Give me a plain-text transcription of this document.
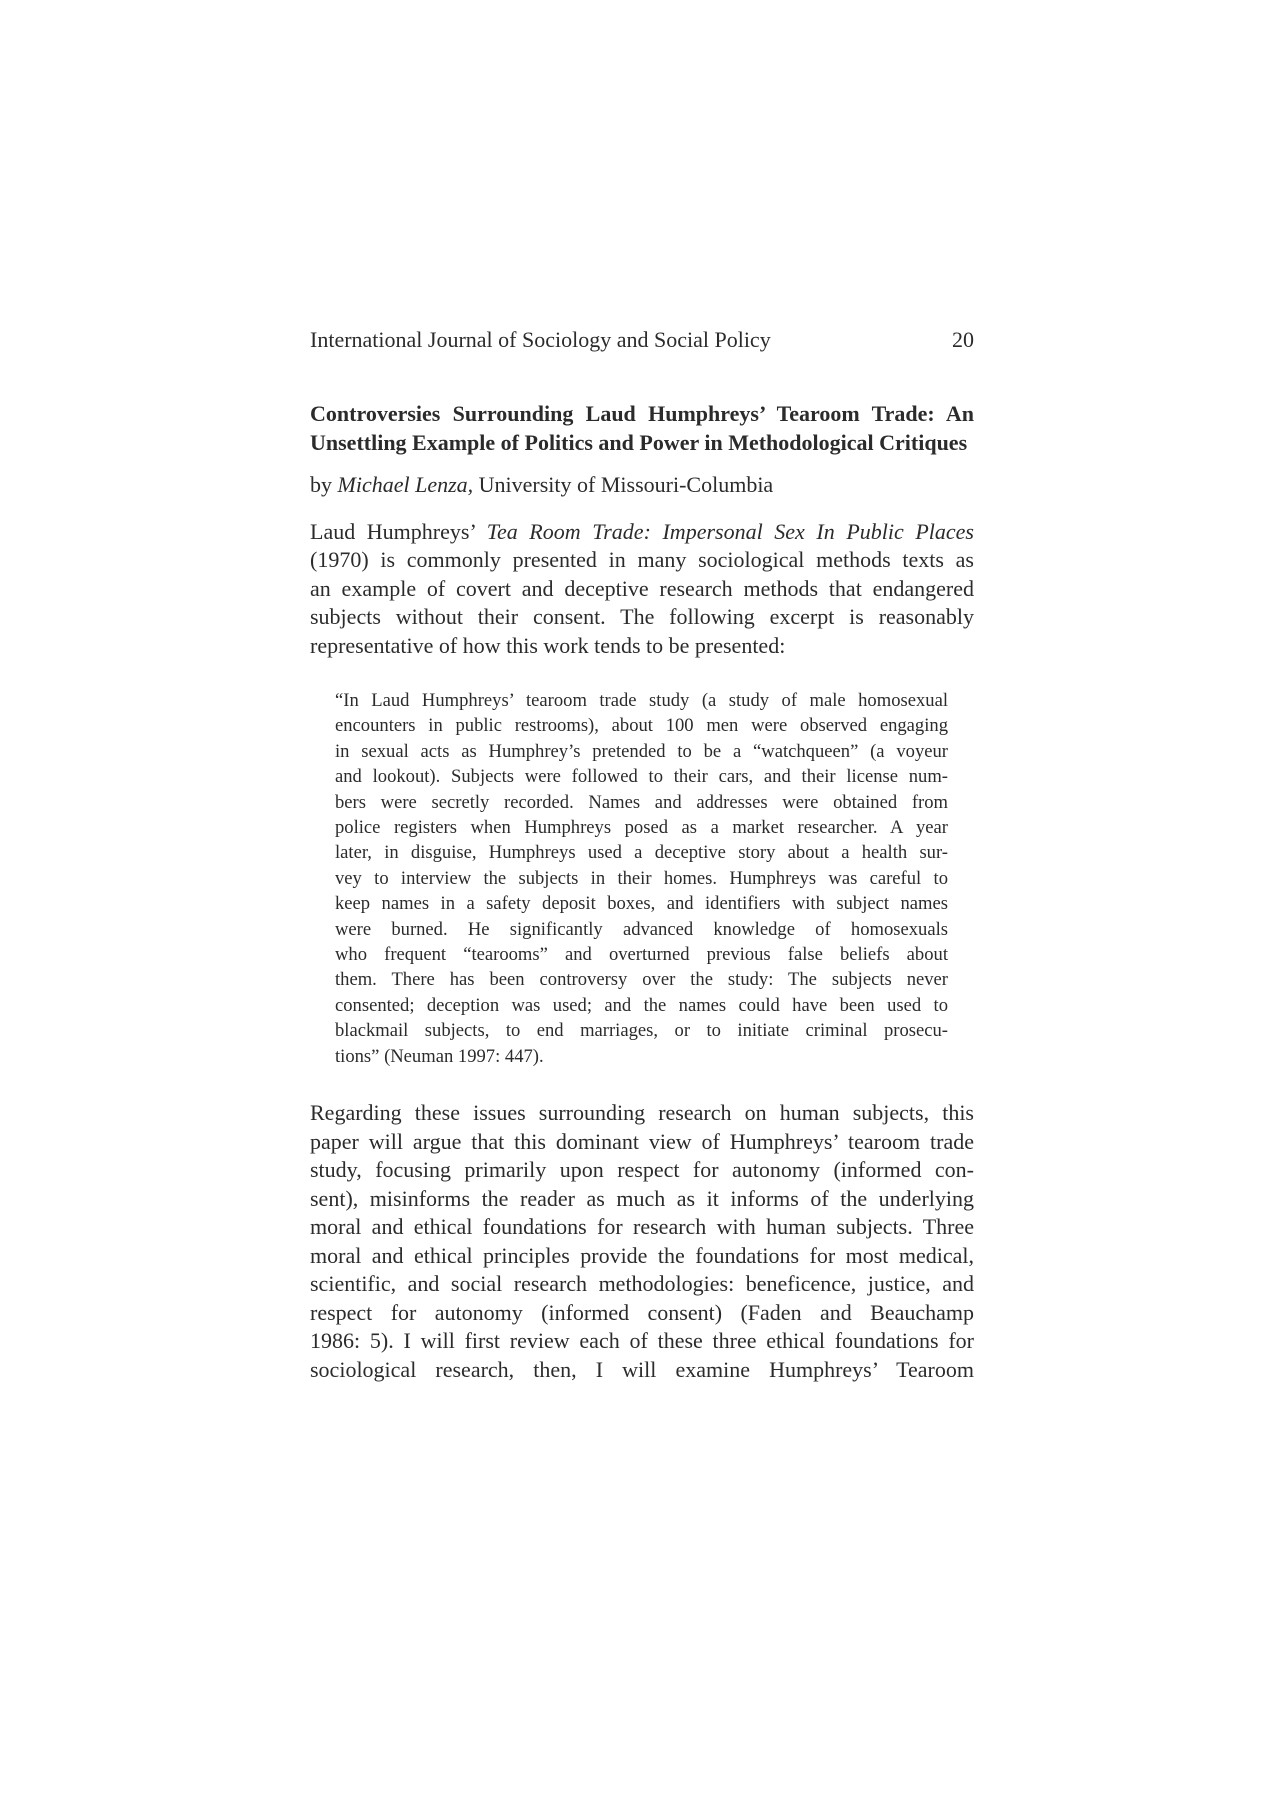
International Journal of Sociology and Social Policy	20
Controversies Surrounding Laud Humphreys’ Tearoom Trade: An Unsettling Example of Politics and Power in Methodological Critiques

by Michael Lenza, University of Missouri-Columbia

Laud Humphreys’ Tea Room Trade: Impersonal Sex In Public Places
(1970) is commonly presented in many sociological methods texts as
an example of covert and deceptive research methods that endangered
subjects without their consent. The following excerpt is reasonably
representative of how this work tends to be presented:
“In Laud Humphreys’ tearoom trade study (a study of male homosexual
encounters in public restrooms), about 100 men were observed engaging
in sexual acts as Humphrey’s pretended to be a “watchqueen” (a voyeur
and lookout). Subjects were followed to their cars, and their license num-
bers were secretly recorded. Names and addresses were obtained from
police registers when Humphreys posed as a market researcher. A year
later, in disguise, Humphreys used a deceptive story about a health sur-
vey to interview the subjects in their homes. Humphreys was careful to
keep names in a safety deposit boxes, and identifiers with subject names
were burned. He significantly advanced knowledge of homosexuals
who frequent “tearooms” and overturned previous false beliefs about
them. There has been controversy over the study: The subjects never
consented; deception was used; and the names could have been used to
blackmail subjects, to end marriages, or to initiate criminal prosecu-
tions” (Neuman 1997: 447).
Regarding these issues surrounding research on human subjects, this
paper will argue that this dominant view of Humphreys’ tearoom trade
study, focusing primarily upon respect for autonomy (informed con-
sent), misinforms the reader as much as it informs of the underlying
moral and ethical foundations for research with human subjects. Three
moral and ethical principles provide the foundations for most medical,
scientific, and social research methodologies: beneficence, justice, and
respect for autonomy (informed consent) (Faden and Beauchamp
1986: 5). I will first review each of these three ethical foundations for
sociological research, then, I will examine Humphreys’ Tearoom
